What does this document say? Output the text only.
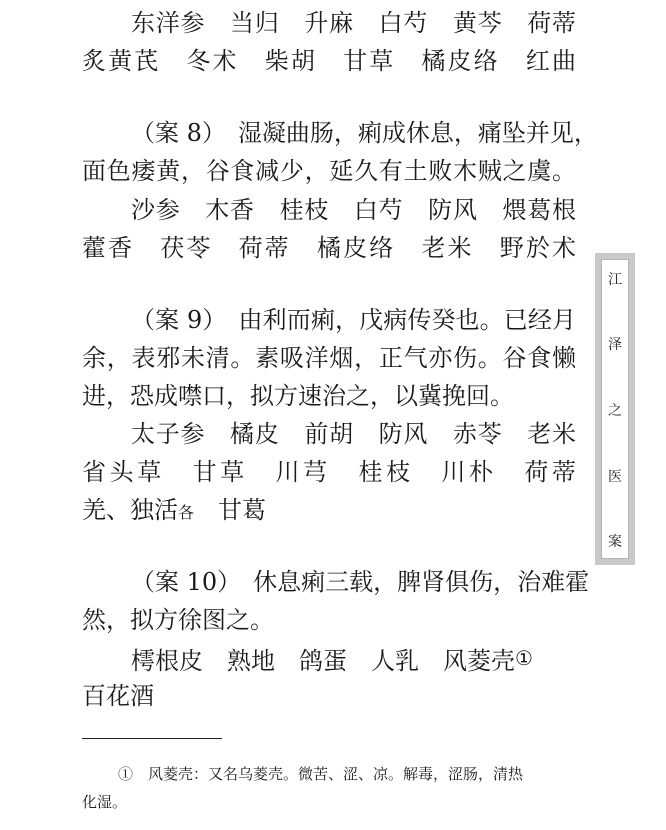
东洋参　当归　升麻　白芍　黄芩　荷蒂
炙黄芪　冬术　柴胡　甘草　橘皮络　红曲
（案 8）　湿凝曲肠，痢成休息，痛坠并见，
面色痿黄，谷食减少，延久有土败木贼之虞。
沙参　木香　桂枝　白芍　防风　煨葛根
藿香　茯苓　荷蒂　橘皮络　老米　野於术
（案 9）　由利而痢，戊病传癸也。已经月
余，表邪未清。素吸洋烟，正气亦伤。谷食懒
进，恐成噤口，拟方速治之，以冀挽回。
太子参　橘皮　前胡　防风　赤苓　老米
省头草　甘草　川芎　桂枝　川朴　荷蒂
羌、独活各　甘葛
（案 10）　休息痢三载，脾肾俱伤，治难霍
然，拟方徐图之。
樗根皮　熟地　鸽蛋　人乳　风菱壳①
百花酒
①　风菱壳：又名乌菱壳。微苦、涩、凉。解毒，涩肠，清热
化湿。
江
泽
之
医
案
